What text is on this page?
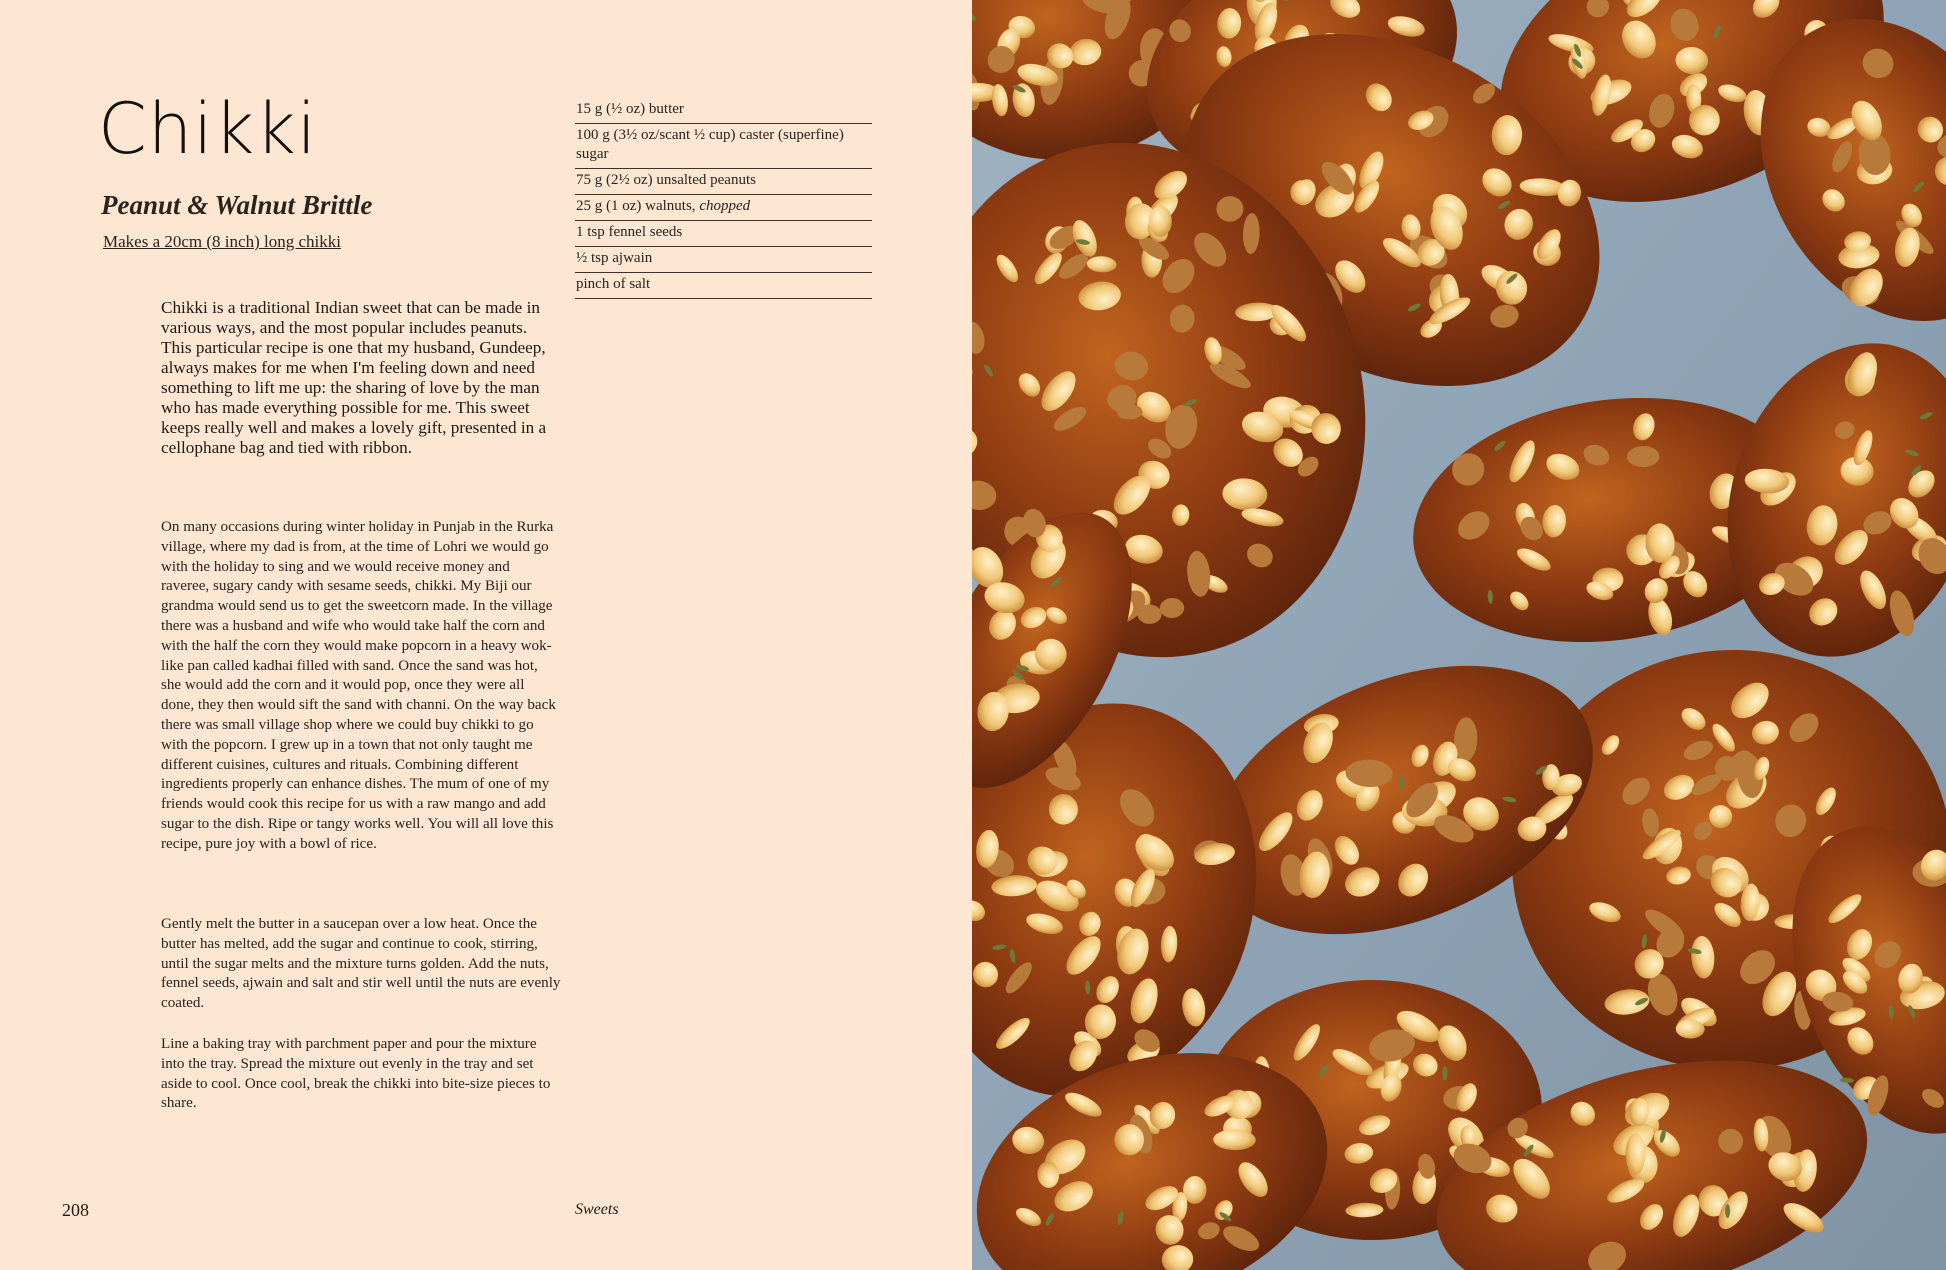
Chikki
Peanut & Walnut Brittle

Makes a 20cm (8 inch) long chikki

Chikki is a traditional Indian sweet that can be made in various ways, and the most popular includes peanuts. This particular recipe is one that my husband, Gundeep, always makes for me when I'm feeling down and need something to lift me up: the sharing of love by the man who has made everything possible for me. This sweet keeps really well and makes a lovely gift, presented in a cellophane bag and tied with ribbon.

On many occasions during winter holiday in Punjab in the Rurka village, where my dad is from, at the time of Lohri we would go with the holiday to sing and we would receive money and raveree, sugary candy with sesame seeds, chikki. My Biji our grandma would send us to get the sweetcorn made. In the village there was a husband and wife who would take half the corn and with the half the corn they would make popcorn in a heavy wok-like pan called kadhai filled with sand. Once the sand was hot, she would add the corn and it would pop, once they were all done, they then would sift the sand with channi. On the way back there was small village shop where we could buy chikki to go with the popcorn. I grew up in a town that not only taught me different cuisines, cultures and rituals. Combining different ingredients properly can enhance dishes. The mum of one of my friends would cook this recipe for us with a raw mango and add sugar to the dish. Ripe or tangy works well. You will all love this recipe, pure joy with a bowl of rice.

Gently melt the butter in a saucepan over a low heat. Once the butter has melted, add the sugar and continue to cook, stirring, until the sugar melts and the mixture turns golden. Add the nuts, fennel seeds, ajwain and salt and stir well until the nuts are evenly coated.

Line a baking tray with parchment paper and pour the mixture into the tray. Spread the mixture out evenly in the tray and set aside to cool. Once cool, break the chikki into bite-size pieces to share.

15 g (½ oz) butter
100 g (3½ oz/scant ½ cup) caster (superfine) sugar
75 g (2½ oz) unsalted peanuts
25 g (1 oz) walnuts, chopped
1 tsp fennel seeds
½ tsp ajwain
pinch of salt

208	Sweets
